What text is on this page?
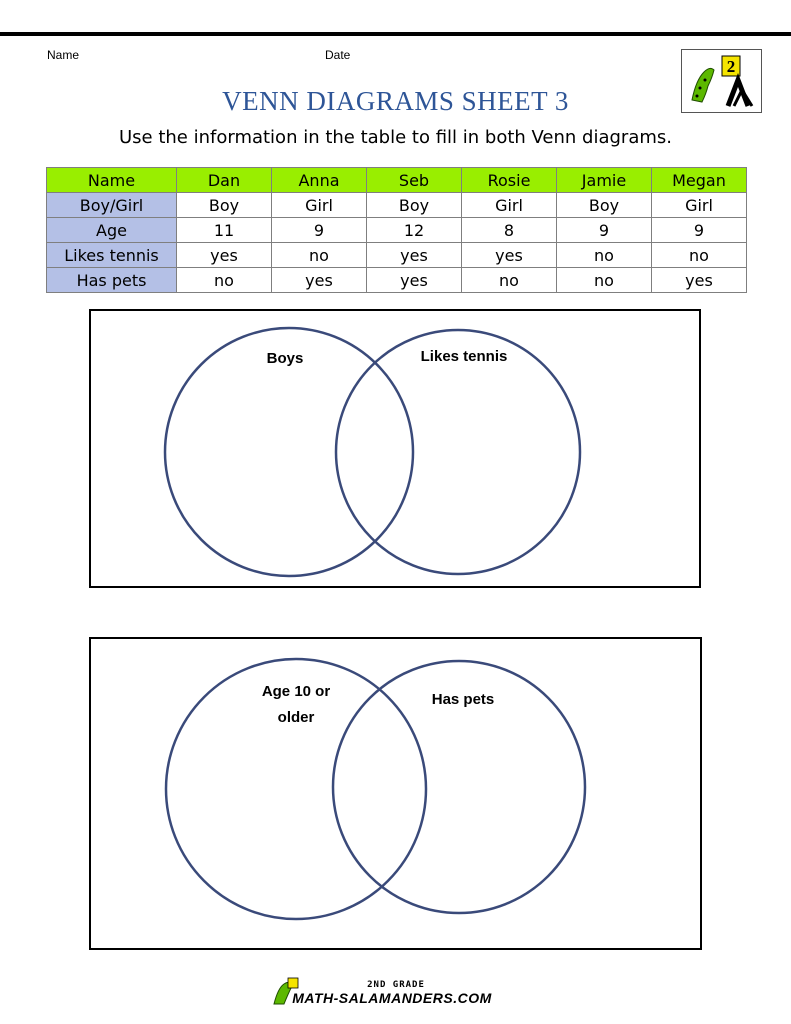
Name	Date
2
VENN DIAGRAMS SHEET 3
Use the information in the table to fill in both Venn diagrams.
Name	Dan	Anna	Seb	Rosie	Jamie	Megan
Boy/Girl	Boy	Girl	Boy	Girl	Boy	Girl
Age	11	9	12	8	9	9
Likes tennis	yes	no	yes	yes	no	no
Has pets	no	yes	yes	no	no	yes
Boys	Likes tennis
Age 10 or
older
Has pets
2ND GRADE
MATH-SALAMANDERS.COM
